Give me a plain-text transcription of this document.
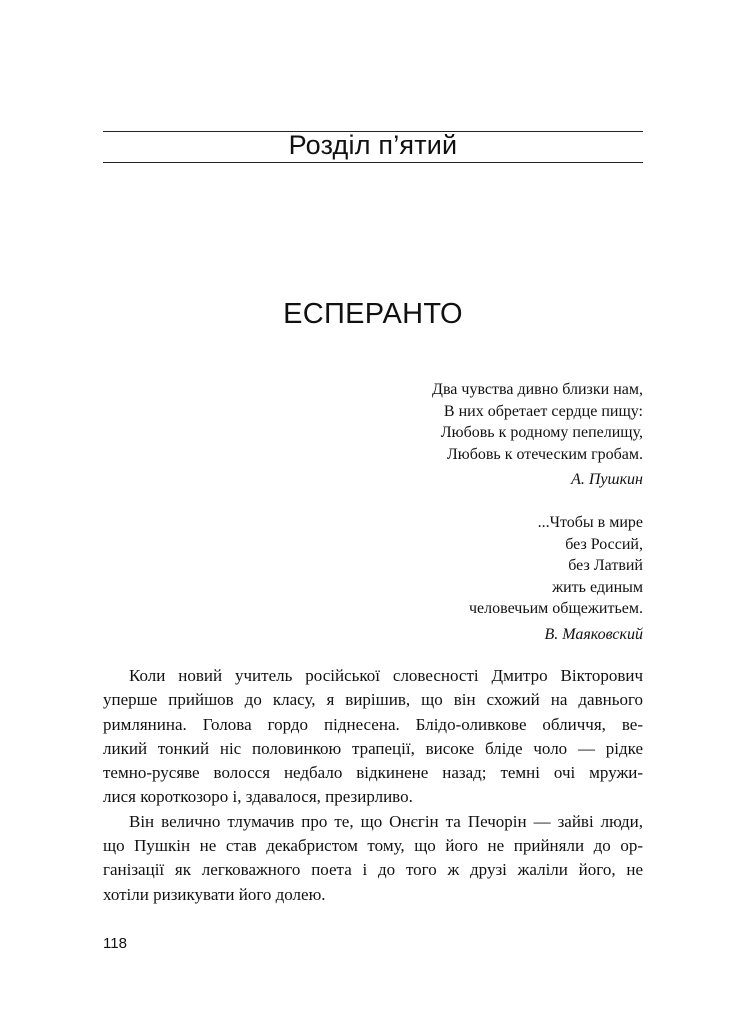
Розділ п’ятий
ЕСПЕРАНТО
Два чувства дивно близки нам,
В них обретает сердце пищу:
Любовь к родному пепелищу,
Любовь к отеческим гробам.
А. Пушкин
...Чтобы в мире
без Россий,
без Латвий
жить единым
человечьим общежитьем.
В. Маяковский
Коли новий учитель російської словесності Дмитро Вікторович
уперше прийшов до класу, я вирішив, що він схожий на давнього
римлянина. Голова гордо піднесена. Блідо-оливкове обличчя, ве-
ликий тонкий ніс половинкою трапеції, високе бліде чоло — рідке
темно-русяве волосся недбало відкинене назад; темні очі мружи-
лися короткозоро і, здавалося, презирливо.
Він велично тлумачив про те, що Онєгін та Печорін — зайві люди,
що Пушкін не став декабристом тому, що його не прийняли до ор-
ганізації як легковажного поета і до того ж друзі жаліли його, не
хотіли ризикувати його долею.
118
